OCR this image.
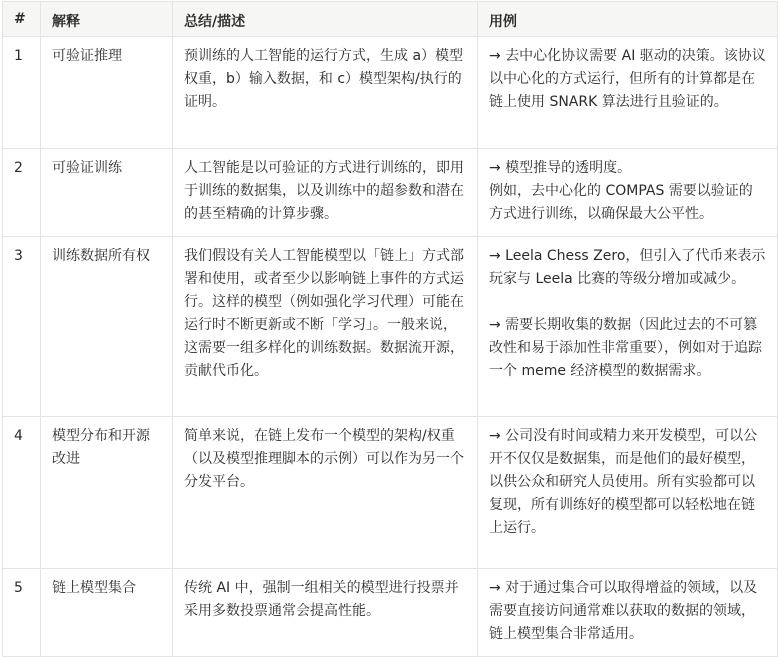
#	解释	总结/描述	用例
1	可验证推理	预训练的人工智能的运行方式，生成 a）模型权重，b）输入数据，和 c）模型架构/执行的证明。	→ 去中心化协议需要 AI 驱动的决策。该协议以中心化的方式运行，但所有的计算都是在链上使用 SNARK 算法进行且验证的。

2	可验证训练	人工智能是以可验证的方式进行训练的，即用于训练的数据集，以及训练中的超参数和潜在的甚至精确的计算步骤。	→ 模型推导的透明度。
例如，去中心化的 COMPAS 需要以验证的方式进行训练，以确保最大公平性。

3	训练数据所有权	我们假设有关人工智能模型以「链上」方式部署和使用，或者至少以影响链上事件的方式运行。这样的模型（例如强化学习代理）可能在运行时不断更新或不断「学习」。一般来说，这需要一组多样化的训练数据。数据流开源，贡献代币化。	→ Leela Chess Zero，但引入了代币来表示玩家与 Leela 比赛的等级分增加或减少。
→ 需要长期收集的数据（因此过去的不可篡改性和易于添加性非常重要），例如对于追踪一个 meme 经济模型的数据需求。

4	模型分布和开源改进	简单来说，在链上发布一个模型的架构/权重（以及模型推理脚本的示例）可以作为另一个分发平台。	→ 公司没有时间或精力来开发模型，可以公开不仅仅是数据集，而是他们的最好模型，以供公众和研究人员使用。所有实验都可以复现，所有训练好的模型都可以轻松地在链上运行。

5	链上模型集合	传统 AI 中，强制一组相关的模型进行投票并采用多数投票通常会提高性能。	→ 对于通过集合可以取得增益的领域，以及需要直接访问通常难以获取的数据的领域，链上模型集合非常适用。
